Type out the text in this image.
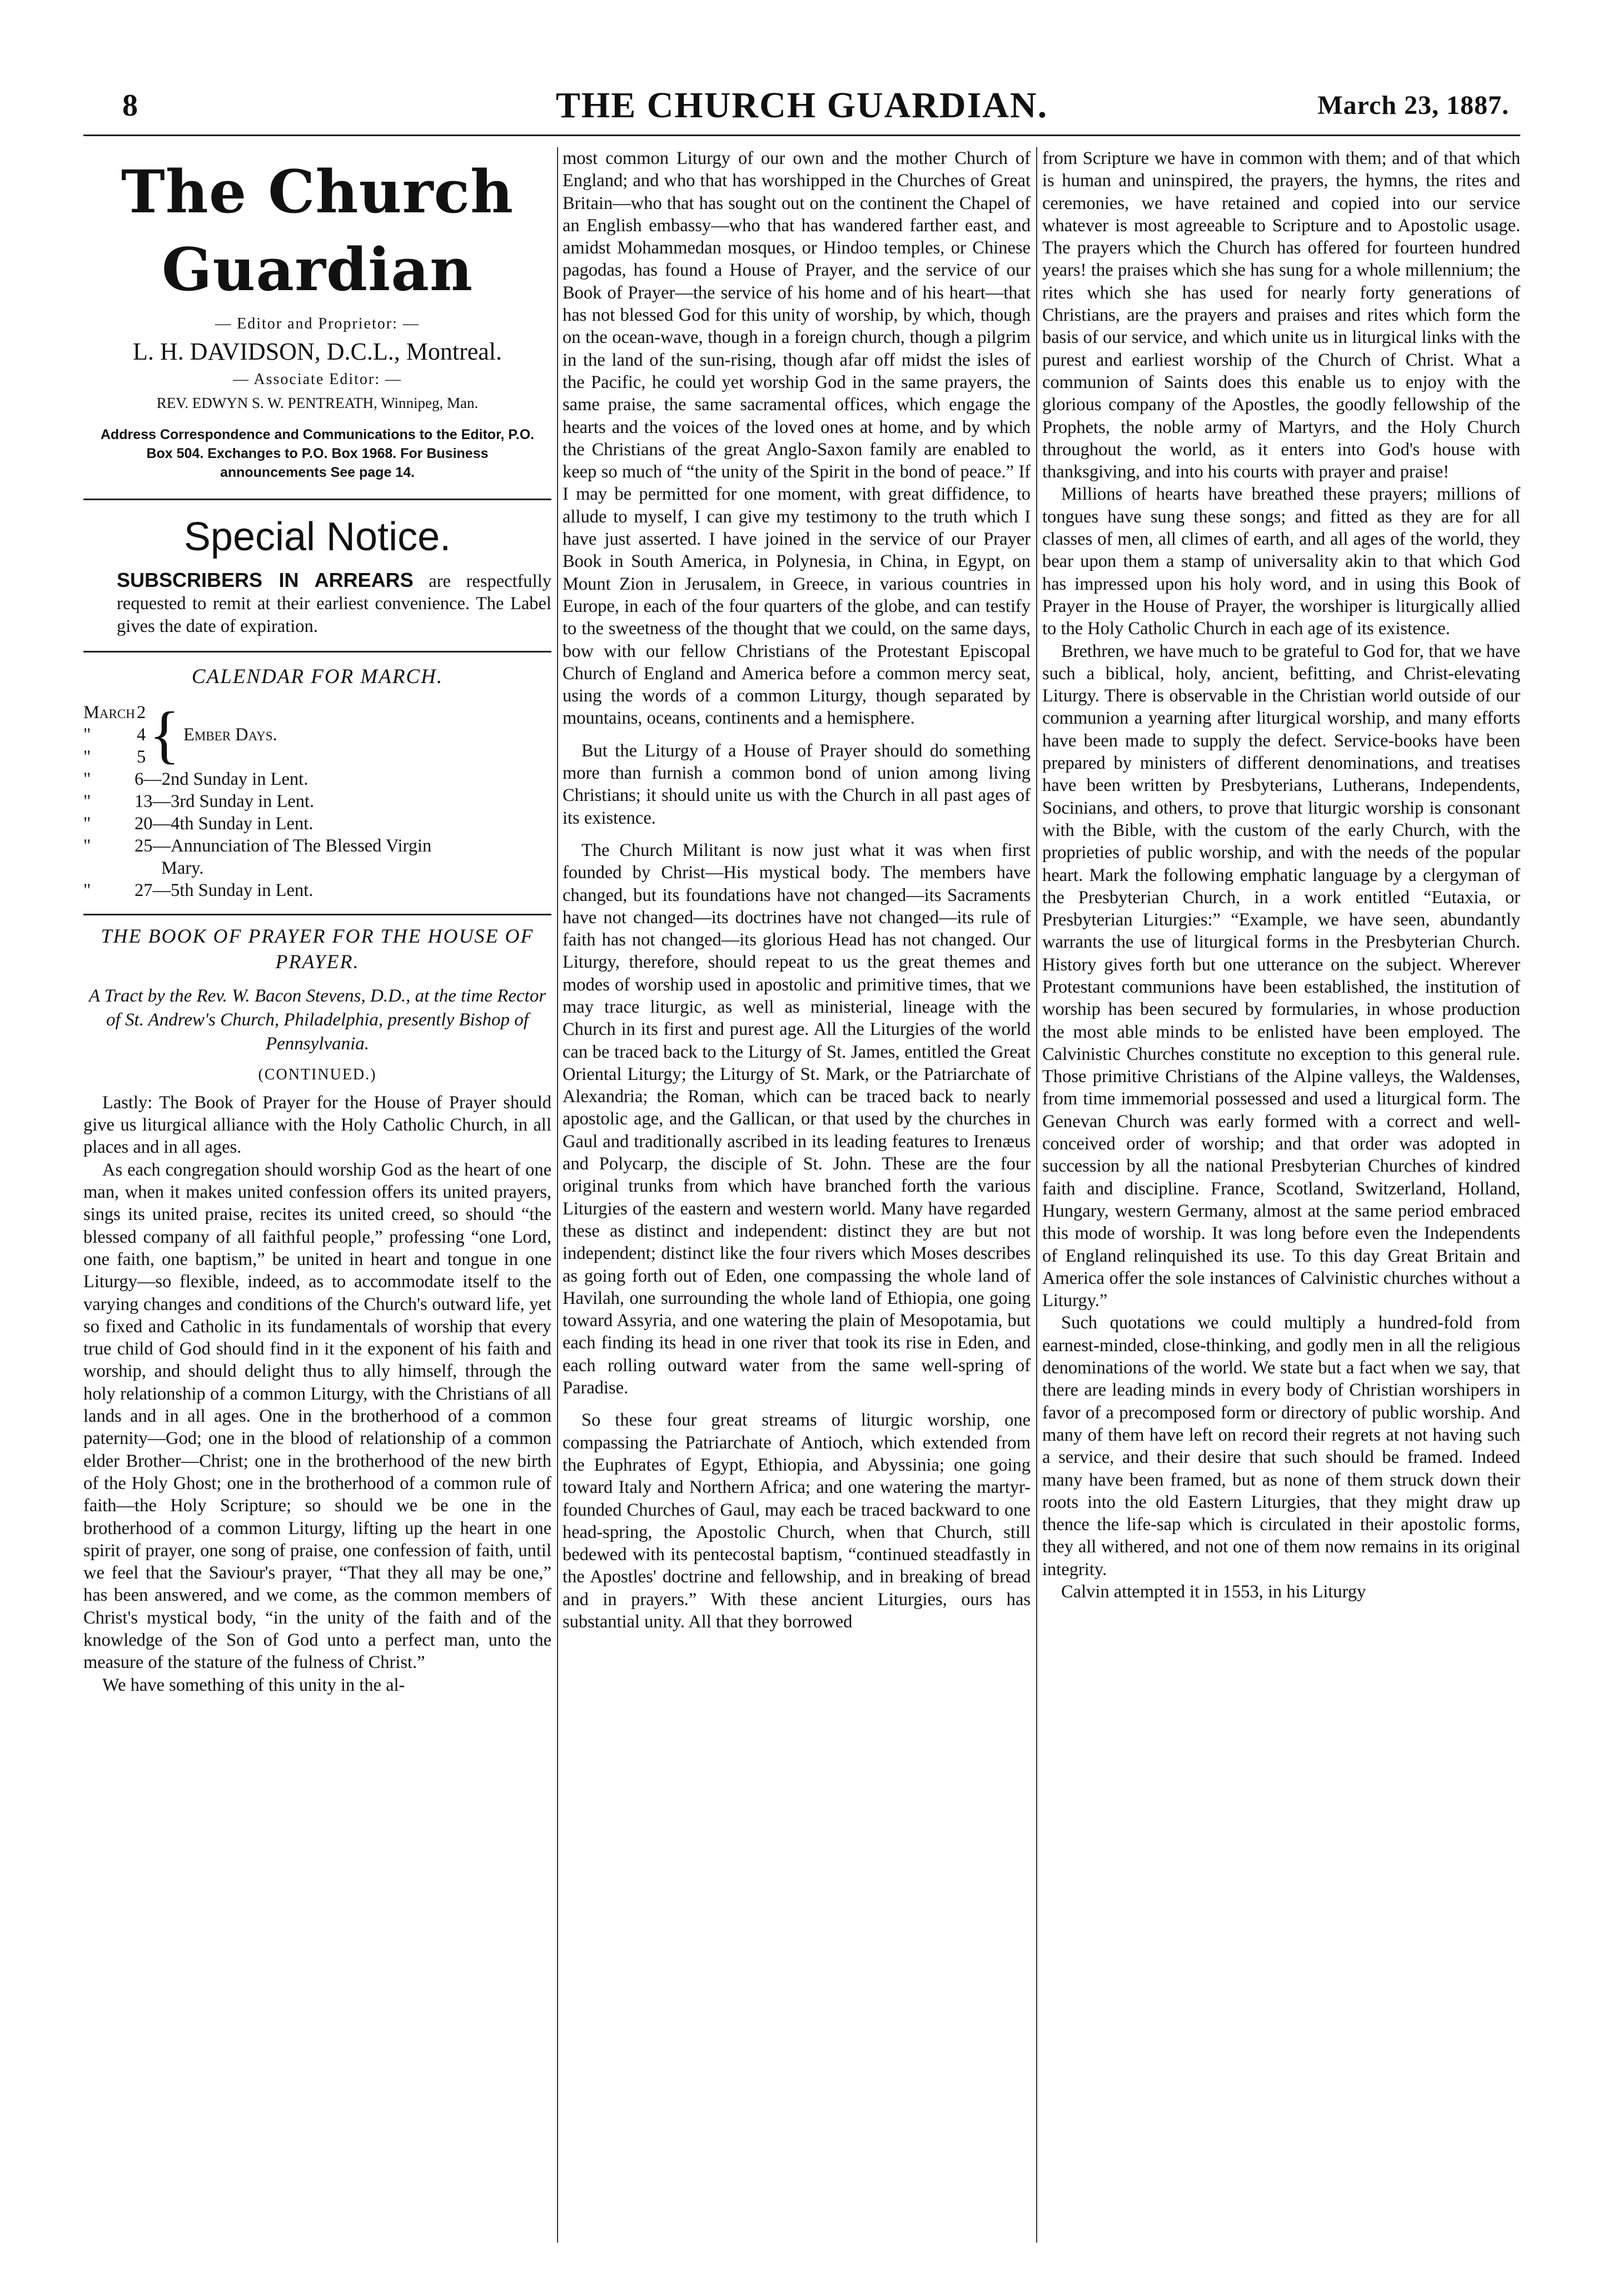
8	THE CHURCH GUARDIAN.	March 23, 1887.
The Church Guardian
— Editor and Proprietor: —
L. H. DAVIDSON, D.C.L., Montreal.
— Associate Editor: —
REV. EDWYN S. W. PENTREATH, Winnipeg, Man.
Address Correspondence and Communications to the Editor, P.O. Box 504. Exchanges to P.O. Box 1968. For Business announcements See page 14.
Special Notice.

SUBSCRIBERS IN ARREARS are respectfully requested to remit at their earliest convenience. The Label gives the date of expiration.

CALENDAR FOR MARCH.
March 2
"	4 } Ember Days.
"	5
" 6—2nd Sunday in Lent.
" 13—3rd Sunday in Lent.
" 20—4th Sunday in Lent.
" 25—Annunciation of The Blessed Virgin
Mary.
" 27—5th Sunday in Lent.
THE BOOK OF PRAYER FOR THE HOUSE OF PRAYER.
A Tract by the Rev. W. Bacon Stevens, D.D., at the time Rector of St. Andrew's Church, Philadelphia, presently Bishop of Pennsylvania.
(CONTINUED.)

Lastly: The Book of Prayer for the House of Prayer should give us liturgical alliance with the Holy Catholic Church, in all places and in all ages.

As each congregation should worship God as the heart of one man, when it makes united confession offers its united prayers, sings its united praise, recites its united creed, so should “the blessed company of all faithful people,” professing “one Lord, one faith, one baptism,” be united in heart and tongue in one Liturgy—so flexible, indeed, as to accommodate itself to the varying changes and conditions of the Church's outward life, yet so fixed and Catholic in its fundamentals of worship that every true child of God should find in it the exponent of his faith and worship, and should delight thus to ally himself, through the holy relationship of a common Liturgy, with the Christians of all lands and in all ages. One in the brotherhood of a common paternity—God; one in the blood of relationship of a common elder Brother—Christ; one in the brotherhood of the new birth of the Holy Ghost; one in the brotherhood of a common rule of faith—the Holy Scripture; so should we be one in the brotherhood of a common Liturgy, lifting up the heart in one spirit of prayer, one song of praise, one confession of faith, until we feel that the Saviour's prayer, “That they all may be one,” has been answered, and we come, as the common members of Christ's mystical body, “in the unity of the faith and of the knowledge of the Son of God unto a perfect man, unto the measure of the stature of the fulness of Christ.”

We have something of this unity in the al-

most common Liturgy of our own and the mother Church of England; and who that has worshipped in the Churches of Great Britain—who that has sought out on the continent the Chapel of an English embassy—who that has wandered farther east, and amidst Mohammedan mosques, or Hindoo temples, or Chinese pagodas, has found a House of Prayer, and the service of our Book of Prayer—the service of his home and of his heart—that has not blessed God for this unity of worship, by which, though on the ocean-wave, though in a foreign church, though a pilgrim in the land of the sun-rising, though afar off midst the isles of the Pacific, he could yet worship God in the same prayers, the same praise, the same sacramental offices, which engage the hearts and the voices of the loved ones at home, and by which the Christians of the great Anglo-Saxon family are enabled to keep so much of “the unity of the Spirit in the bond of peace.” If I may be permitted for one moment, with great diffidence, to allude to myself, I can give my testimony to the truth which I have just asserted. I have joined in the service of our Prayer Book in South America, in Polynesia, in China, in Egypt, on Mount Zion in Jerusalem, in Greece, in various countries in Europe, in each of the four quarters of the globe, and can testify to the sweetness of the thought that we could, on the same days, bow with our fellow Christians of the Protestant Episcopal Church of England and America before a common mercy seat, using the words of a common Liturgy, though separated by mountains, oceans, continents and a hemisphere.

But the Liturgy of a House of Prayer should do something more than furnish a common bond of union among living Christians; it should unite us with the Church in all past ages of its existence.

The Church Militant is now just what it was when first founded by Christ—His mystical body. The members have changed, but its foundations have not changed—its Sacraments have not changed—its doctrines have not changed—its rule of faith has not changed—its glorious Head has not changed. Our Liturgy, therefore, should repeat to us the great themes and modes of worship used in apostolic and primitive times, that we may trace liturgic, as well as ministerial, lineage with the Church in its first and purest age. All the Liturgies of the world can be traced back to the Liturgy of St. James, entitled the Great Oriental Liturgy; the Liturgy of St. Mark, or the Patriarchate of Alexandria; the Roman, which can be traced back to nearly apostolic age, and the Gallican, or that used by the churches in Gaul and traditionally ascribed in its leading features to Irenæus and Polycarp, the disciple of St. John. These are the four original trunks from which have branched forth the various Liturgies of the eastern and western world. Many have regarded these as distinct and independent: distinct they are but not independent; distinct like the four rivers which Moses describes as going forth out of Eden, one compassing the whole land of Havilah, one surrounding the whole land of Ethiopia, one going toward Assyria, and one watering the plain of Mesopotamia, but each finding its head in one river that took its rise in Eden, and each rolling outward water from the same well-spring of Paradise.

So these four great streams of liturgic worship, one compassing the Patriarchate of Antioch, which extended from the Euphrates of Egypt, Ethiopia, and Abyssinia; one going toward Italy and Northern Africa; and one watering the martyr-founded Churches of Gaul, may each be traced backward to one head-spring, the Apostolic Church, when that Church, still bedewed with its pentecostal baptism, “continued steadfastly in the Apostles' doctrine and fellowship, and in breaking of bread and in prayers.” With these ancient Liturgies, ours has substantial unity. All that they borrowed

from Scripture we have in common with them; and of that which is human and uninspired, the prayers, the hymns, the rites and ceremonies, we have retained and copied into our service whatever is most agreeable to Scripture and to Apostolic usage. The prayers which the Church has offered for fourteen hundred years! the praises which she has sung for a whole millennium; the rites which she has used for nearly forty generations of Christians, are the prayers and praises and rites which form the basis of our service, and which unite us in liturgical links with the purest and earliest worship of the Church of Christ. What a communion of Saints does this enable us to enjoy with the glorious company of the Apostles, the goodly fellowship of the Prophets, the noble army of Martyrs, and the Holy Church throughout the world, as it enters into God's house with thanksgiving, and into his courts with prayer and praise!

Millions of hearts have breathed these prayers; millions of tongues have sung these songs; and fitted as they are for all classes of men, all climes of earth, and all ages of the world, they bear upon them a stamp of universality akin to that which God has impressed upon his holy word, and in using this Book of Prayer in the House of Prayer, the worshiper is liturgically allied to the Holy Catholic Church in each age of its existence.

Brethren, we have much to be grateful to God for, that we have such a biblical, holy, ancient, befitting, and Christ-elevating Liturgy. There is observable in the Christian world outside of our communion a yearning after liturgical worship, and many efforts have been made to supply the defect. Service-books have been prepared by ministers of different denominations, and treatises have been written by Presbyterians, Lutherans, Independents, Socinians, and others, to prove that liturgic worship is consonant with the Bible, with the custom of the early Church, with the proprieties of public worship, and with the needs of the popular heart. Mark the following emphatic language by a clergyman of the Presbyterian Church, in a work entitled “Eutaxia, or Presbyterian Liturgies:” “Example, we have seen, abundantly warrants the use of liturgical forms in the Presbyterian Church. History gives forth but one utterance on the subject. Wherever Protestant communions have been established, the institution of worship has been secured by formularies, in whose production the most able minds to be enlisted have been employed. The Calvinistic Churches constitute no exception to this general rule. Those primitive Christians of the Alpine valleys, the Waldenses, from time immemorial possessed and used a liturgical form. The Genevan Church was early formed with a correct and well-conceived order of worship; and that order was adopted in succession by all the national Presbyterian Churches of kindred faith and discipline. France, Scotland, Switzerland, Holland, Hungary, western Germany, almost at the same period embraced this mode of worship. It was long before even the Independents of England relinquished its use. To this day Great Britain and America offer the sole instances of Calvinistic churches without a Liturgy.”

Such quotations we could multiply a hundred-fold from earnest-minded, close-thinking, and godly men in all the religious denominations of the world. We state but a fact when we say, that there are leading minds in every body of Christian worshipers in favor of a precomposed form or directory of public worship. And many of them have left on record their regrets at not having such a service, and their desire that such should be framed. Indeed many have been framed, but as none of them struck down their roots into the old Eastern Liturgies, that they might draw up thence the life-sap which is circulated in their apostolic forms, they all withered, and not one of them now remains in its original integrity.

Calvin attempted it in 1553, in his Liturgy
